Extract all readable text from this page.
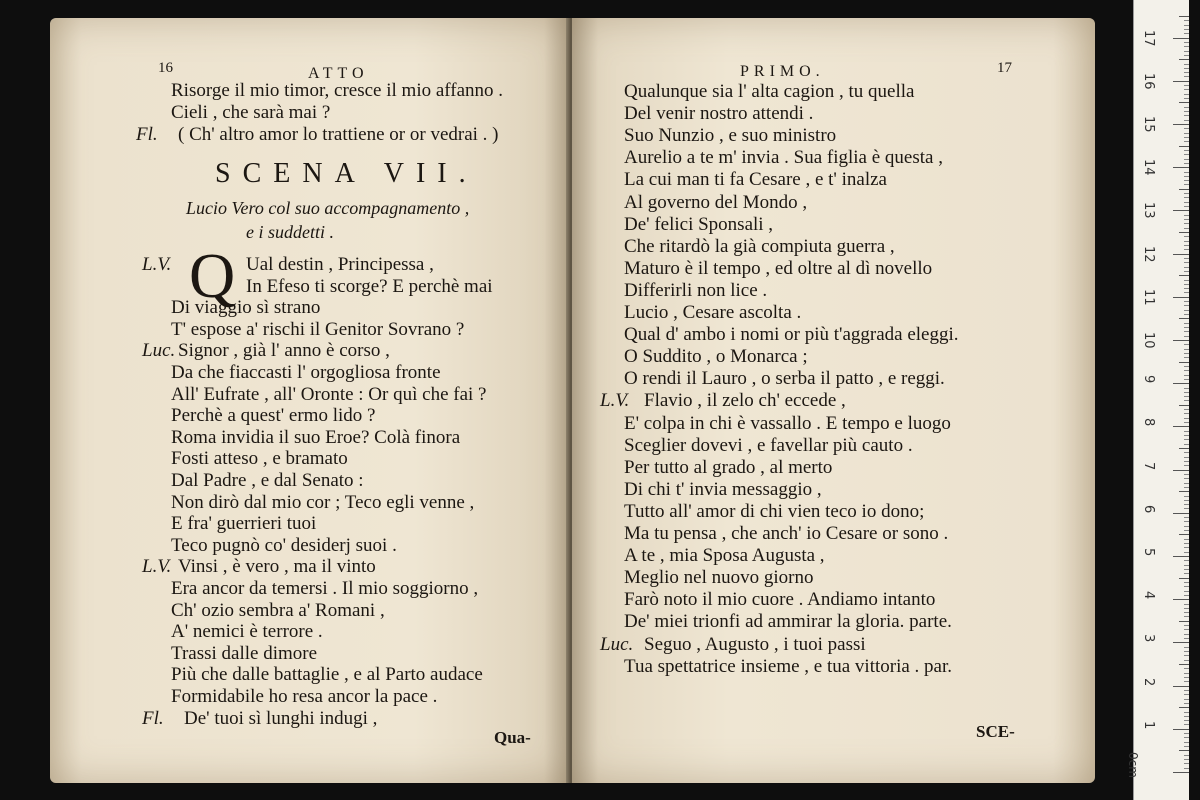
16	ATTO
Risorge il mio timor, cresce il mio affanno .
Cieli , che sarà mai ?
Fl. ( Ch' altro amor lo trattiene or or vedrai . )
SCENA VII.
Lucio Vero col suo accompagnamento ,
e i suddetti .
Q
L.V.	Ual destin , Principessa ,
In Efeso ti scorge? E perchè mai
Di viaggio sì strano
T' espose a' rischi il Genitor Sovrano ?
Luc. Signor , già l' anno è corso ,
Da che fiaccasti l' orgogliosa fronte
All' Eufrate , all' Oronte : Or quì che fai ?
Perchè a quest' ermo lido ?
Roma invidia il suo Eroe? Colà finora
Fosti atteso , e bramato
Dal Padre , e dal Senato :
Non dirò dal mio cor ; Teco egli venne ,
E fra' guerrieri tuoi
Teco pugnò co' desiderj suoi .
L.V. Vinsi , è vero , ma il vinto
Era ancor da temersi . Il mio soggiorno ,
Ch' ozio sembra a' Romani ,
A' nemici è terrore .
Trassi dalle dimore
Più che dalle battaglie , e al Parto audace
Formidabile ho resa ancor la pace .
Fl. De' tuoi sì lunghi indugi ,
Qua-
PRIMO.	17
Qualunque sia l' alta cagion , tu quella
Del venir nostro attendi .
Suo Nunzio , e suo ministro
Aurelio a te m' invia . Sua figlia è questa ,
La cui man ti fa Cesare , e t' inalza
Al governo del Mondo ,
De' felici Sponsali ,
Che ritardò la già compiuta guerra ,
Maturo è il tempo , ed oltre al dì novello
Differirli non lice .
Lucio , Cesare ascolta .
Qual d' ambo i nomi or più t'aggrada eleggi.
O Suddito , o Monarca ;
O rendi il Lauro , o serba il patto , e reggi.
L.V. Flavio , il zelo ch' eccede ,
E' colpa in chi è vassallo . E tempo e luogo
Sceglier dovevi , e favellar più cauto .
Per tutto al grado , al merto
Di chi t' invia messaggio ,
Tutto all' amor di chi vien teco io dono;
Ma tu pensa , che anch' io Cesare or sono .
A te , mia Sposa Augusta ,
Meglio nel nuovo giorno
Farò noto il mio cuore . Andiamo intanto
De' miei trionfi ad ammirar la gloria. parte.
Luc. Seguo , Augusto , i tuoi passi
Tua spettatrice insieme , e tua vittoria . par.
SCE-
0cm
1
2
3
4
5
6
7
8
9
10
11
12
13
14
15
16
17
